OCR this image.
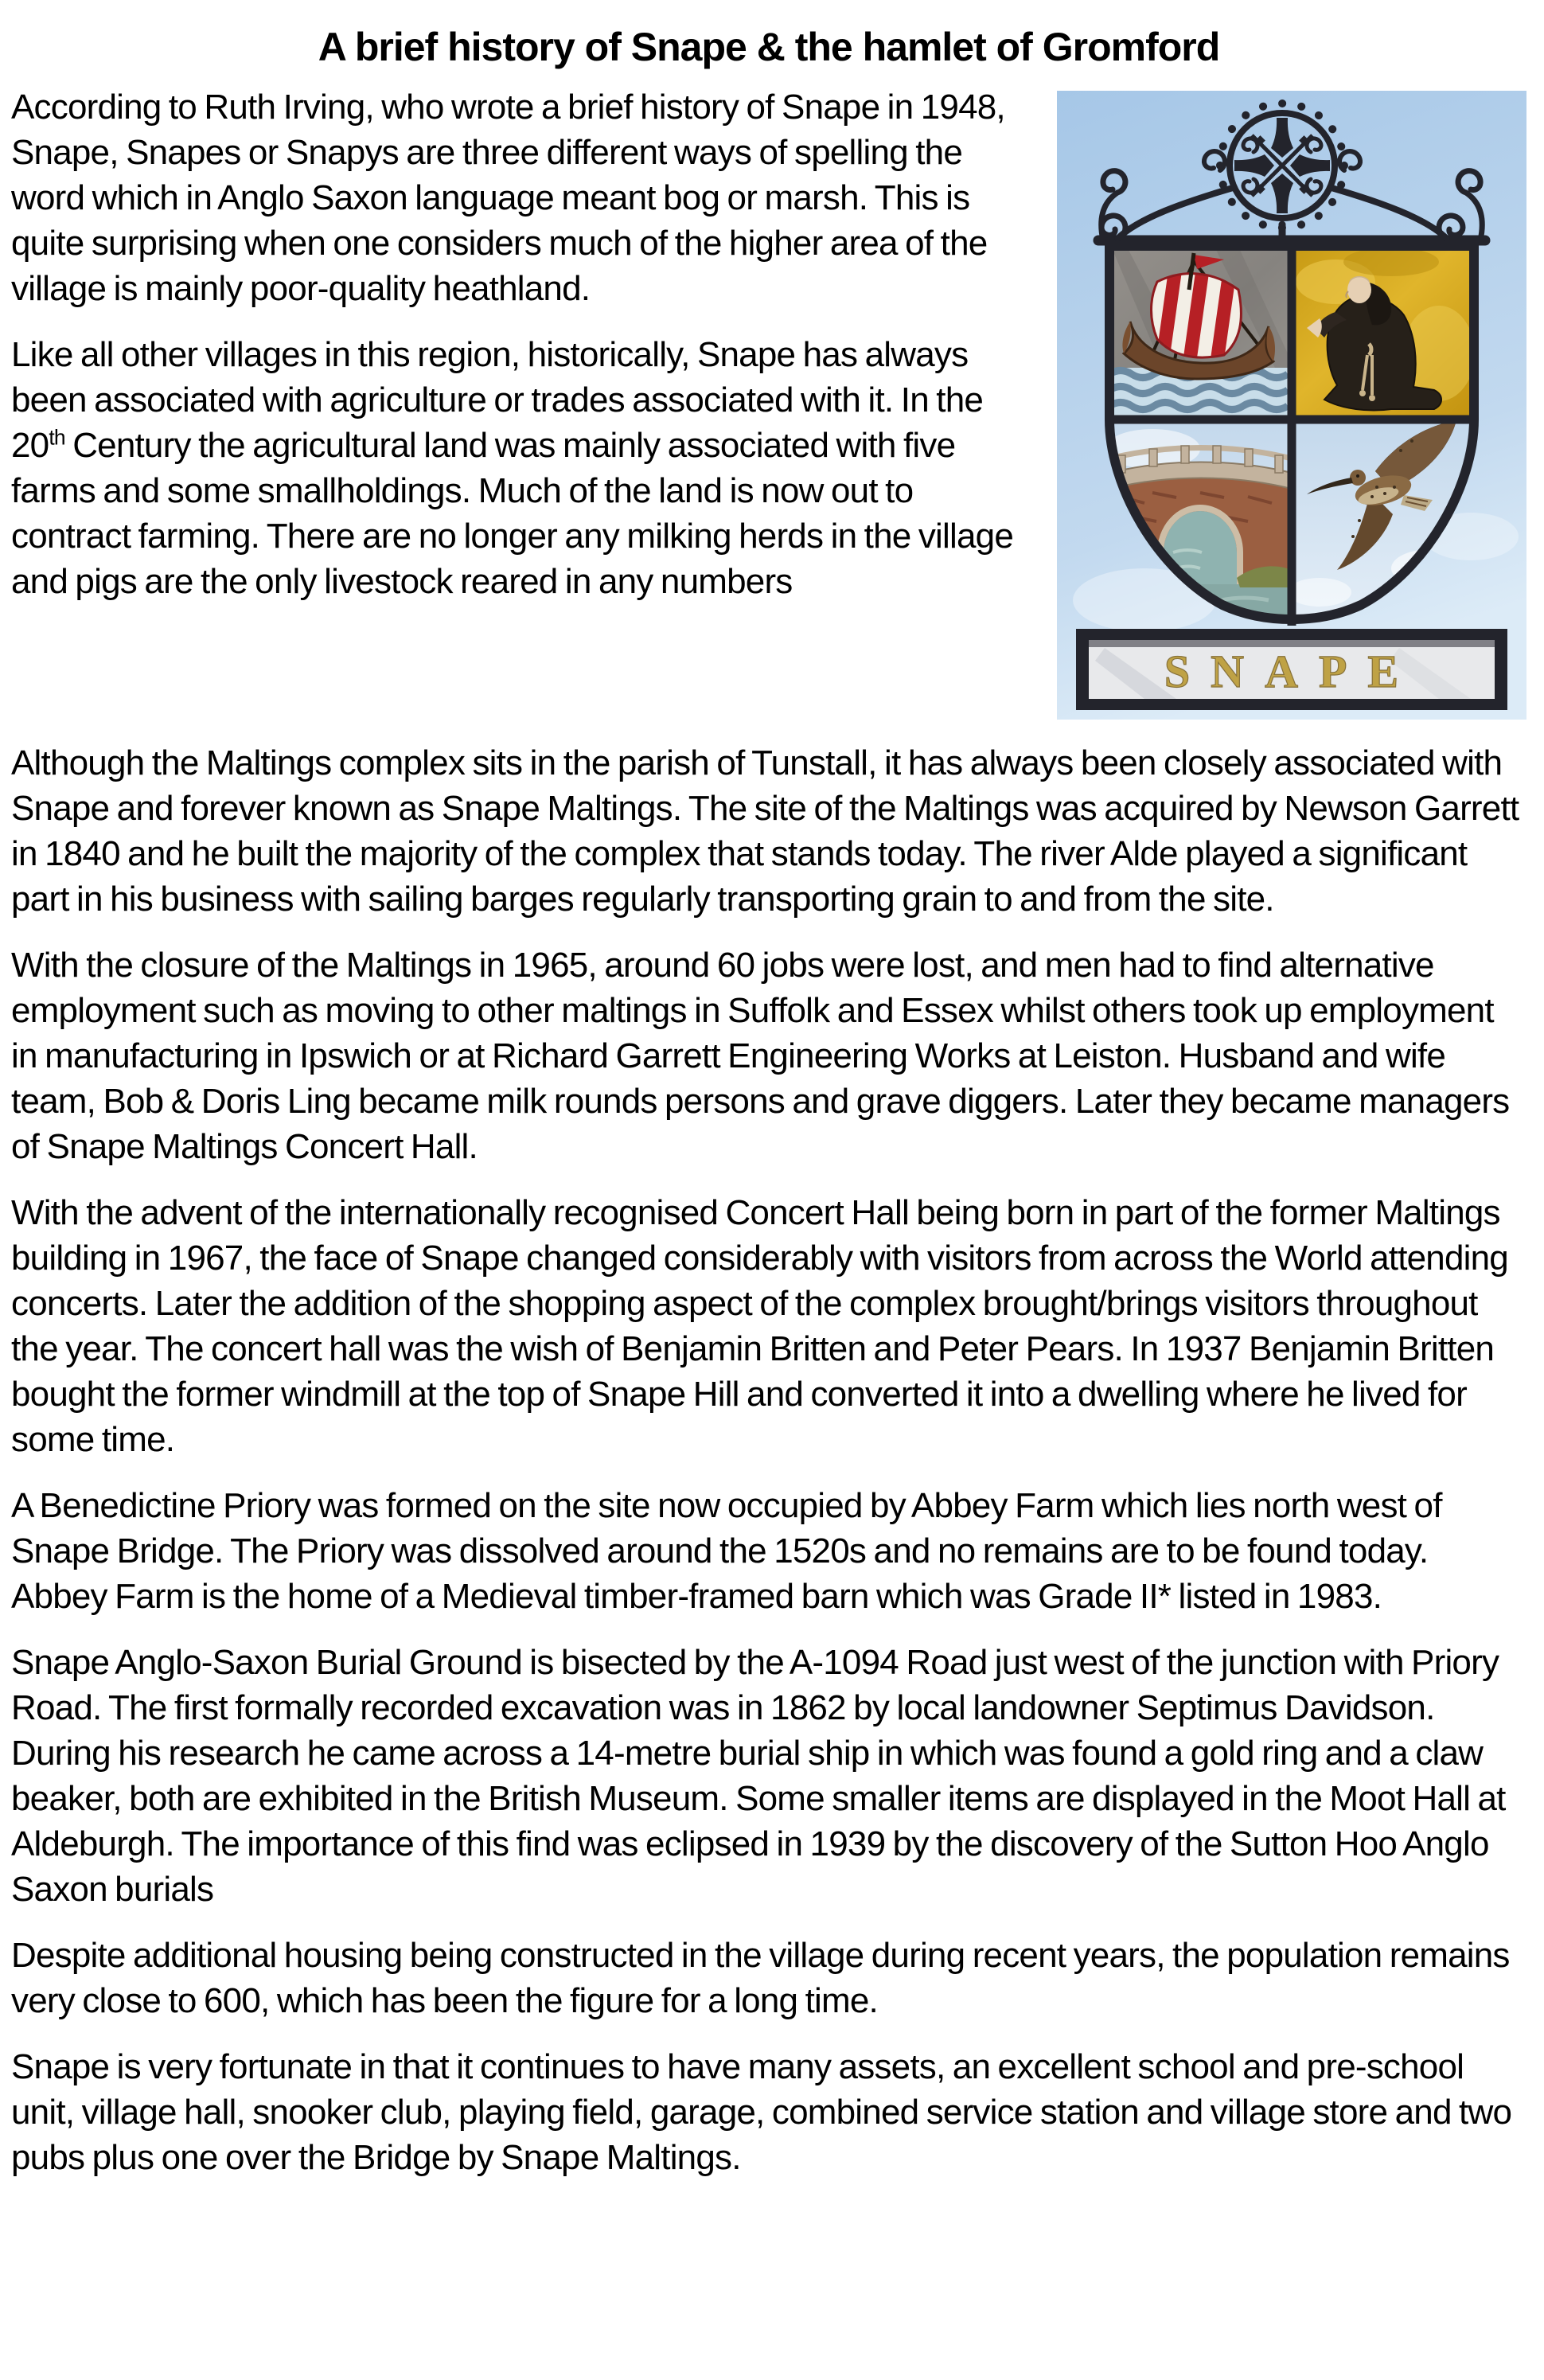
A brief history of Snape & the hamlet of Gromford
SNAPE

According to Ruth Irving, who wrote a brief history of Snape in 1948, Snape, Snapes or Snapys are three different ways of spelling the word which in Anglo Saxon language meant bog or marsh. This is quite surprising when one considers much of the higher area of the village is mainly poor-quality heathland.

Like all other villages in this region, historically, Snape has always been associated with agriculture or trades associated with it. In the 20th Century the agricultural land was mainly associated with five farms and some smallholdings. Much of the land is now out to contract farming. There are no longer any milking herds in the village and pigs are the only livestock reared in any numbers

Although the Maltings complex sits in the parish of Tunstall, it has always been closely associated with Snape and forever known as Snape Maltings. The site of the Maltings was acquired by Newson Garrett in 1840 and he built the majority of the complex that stands today. The river Alde played a significant part in his business with sailing barges regularly transporting grain to and from the site.

With the closure of the Maltings in 1965, around 60 jobs were lost, and men had to find alternative employment such as moving to other maltings in Suffolk and Essex whilst others took up employment in manufacturing in Ipswich or at Richard Garrett Engineering Works at Leiston. Husband and wife team, Bob & Doris Ling became milk rounds persons and grave diggers. Later they became managers of Snape Maltings Concert Hall.

With the advent of the internationally recognised Concert Hall being born in part of the former Maltings building in 1967, the face of Snape changed considerably with visitors from across the World attending concerts. Later the addition of the shopping aspect of the complex brought/brings visitors throughout the year. The concert hall was the wish of Benjamin Britten and Peter Pears. In 1937 Benjamin Britten bought the former windmill at the top of Snape Hill and converted it into a dwelling where he lived for some time.

A Benedictine Priory was formed on the site now occupied by Abbey Farm which lies north west of Snape Bridge. The Priory was dissolved around the 1520s and no remains are to be found today. Abbey Farm is the home of a Medieval timber-framed barn which was Grade II* listed in 1983.

Snape Anglo-Saxon Burial Ground is bisected by the A-1094 Road just west of the junction with Priory Road. The first formally recorded excavation was in 1862 by local landowner Septimus Davidson. During his research he came across a 14-metre burial ship in which was found a gold ring and a claw beaker, both are exhibited in the British Museum. Some smaller items are displayed in the Moot Hall at Aldeburgh. The importance of this find was eclipsed in 1939 by the discovery of the Sutton Hoo Anglo Saxon burials

Despite additional housing being constructed in the village during recent years, the population remains very close to 600, which has been the figure for a long time.

Snape is very fortunate in that it continues to have many assets, an excellent school and pre-school unit, village hall, snooker club, playing field, garage, combined service station and village store and two pubs plus one over the Bridge by Snape Maltings.
